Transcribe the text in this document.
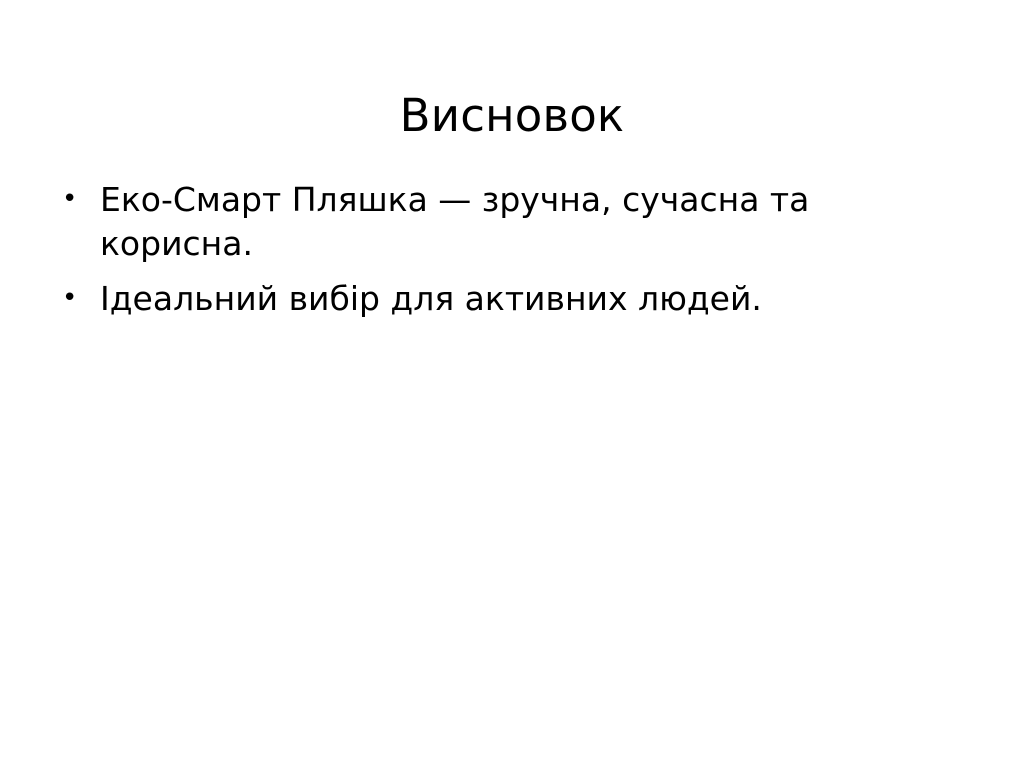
Висновок
• Еко-Смарт Пляшка — зручна, сучасна та корисна.
• Ідеальний вибір для активних людей.
